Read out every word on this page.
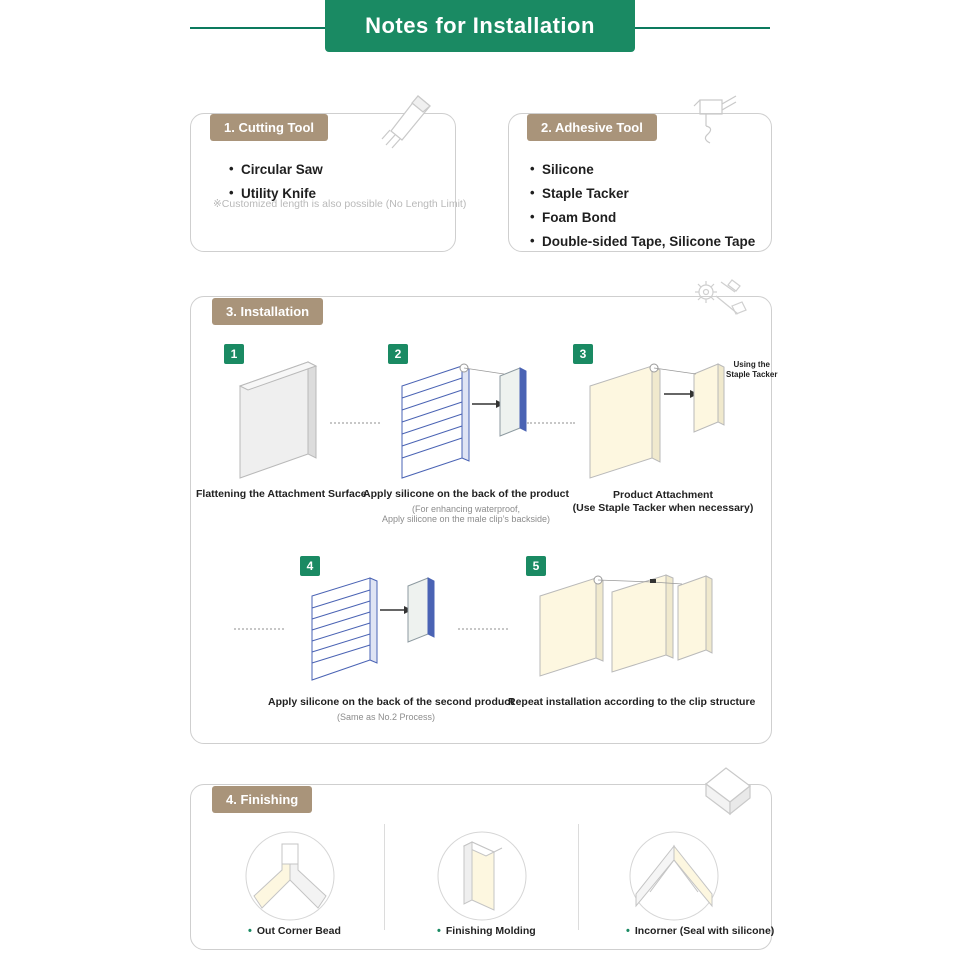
Notes for Installation
1. Cutting Tool
• Circular Saw
• Utility Knife
※Customized length is also possible (No Length Limit)
2. Adhesive Tool
• Silicone
• Staple Tacker
• Foam Bond
• Double-sided Tape, Silicone Tape
3. Installation
1
Flattening the Attachment Surface
2
Apply silicone on the back of the product
(For enhancing waterproof,
Apply silicone on the male clip’s backside)
3
Using the
Staple Tacker
Product Attachment
(Use Staple Tacker when necessary)
4
Apply silicone on the back of the second product
(Same as No.2 Process)
5
Repeat installation according to the clip structure
4. Finishing
• Out Corner Bead	• Finishing Molding	• Incorner (Seal with silicone)
